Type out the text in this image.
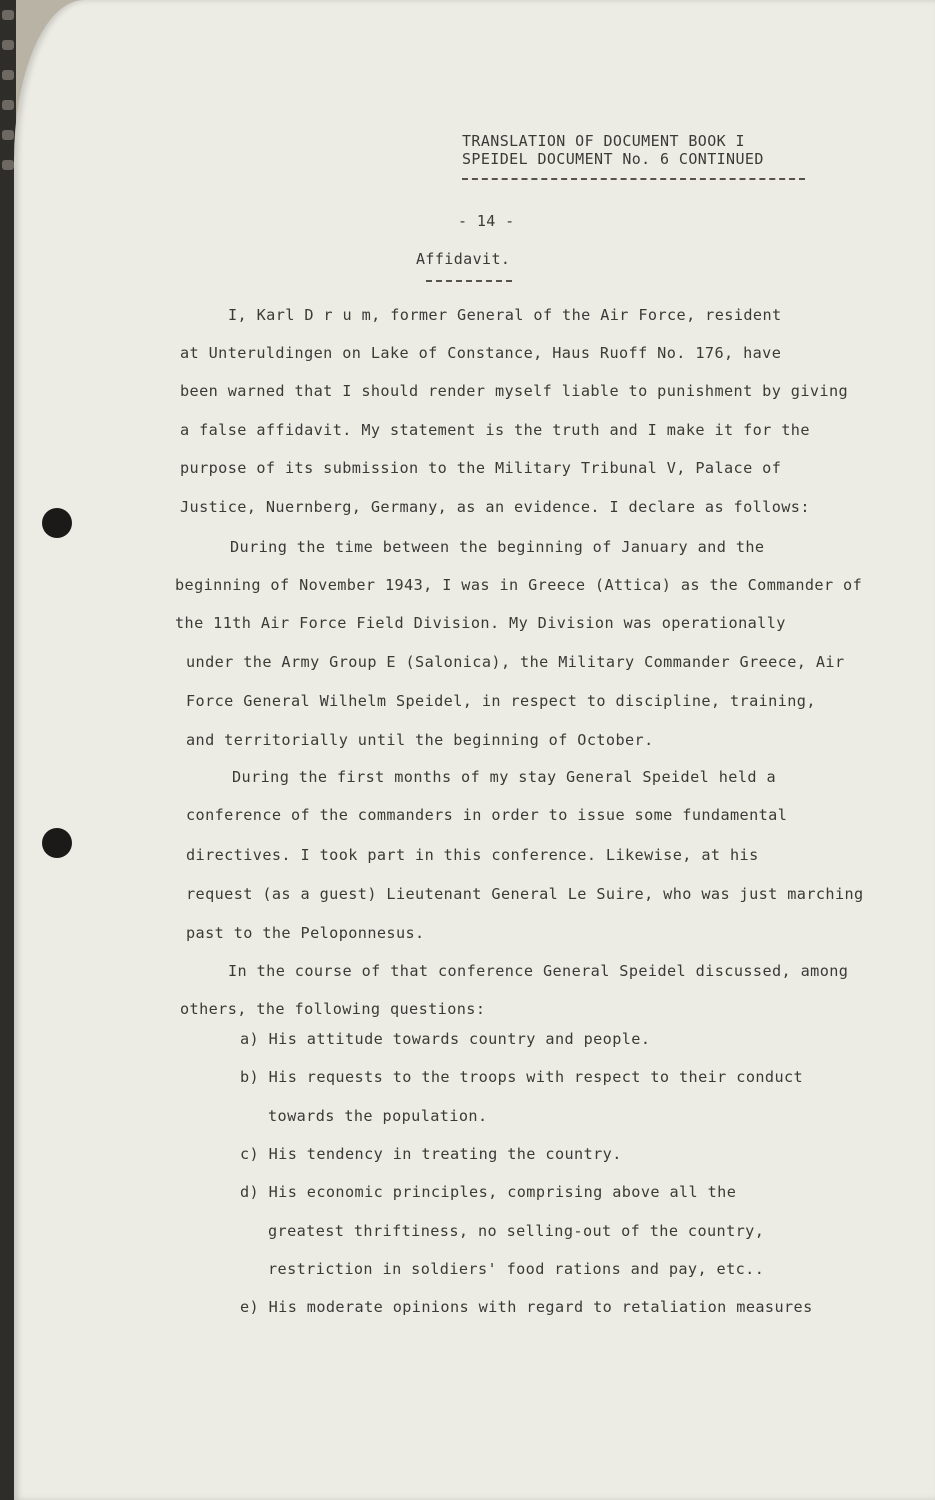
TRANSLATION OF DOCUMENT BOOK I
SPEIDEL DOCUMENT No. 6 CONTINUED
- 14 -
Affidavit.
I, Karl D r u m, former General of the Air Force, resident
at Unteruldingen on Lake of Constance, Haus Ruoff No. 176, have
been warned that I should render myself liable to punishment by giving
a false affidavit. My statement is the truth and I make it for the
purpose of its submission to the Military Tribunal V, Palace of
Justice, Nuernberg, Germany, as an evidence. I declare as follows:
During the time between the beginning of January and the
beginning of November 1943, I was in Greece (Attica) as the Commander of
the 11th Air Force Field Division. My Division was operationally
under the Army Group E (Salonica), the Military Commander Greece, Air
Force General Wilhelm Speidel, in respect to discipline, training,
and territorially until the beginning of October.
During the first months of my stay General Speidel held a
conference of the commanders in order to issue some fundamental
directives. I took part in this conference. Likewise, at his
request (as a guest) Lieutenant General Le Suire, who was just marching
past to the Peloponnesus.
In the course of that conference General Speidel discussed, among
others, the following questions:
a) His attitude towards country and people.
b) His requests to the troops with respect to their conduct
towards the population.
c) His tendency in treating the country.
d) His economic principles, comprising above all the
greatest thriftiness, no selling-out of the country,
restriction in soldiers' food rations and pay, etc..
e) His moderate opinions with regard to retaliation measures
